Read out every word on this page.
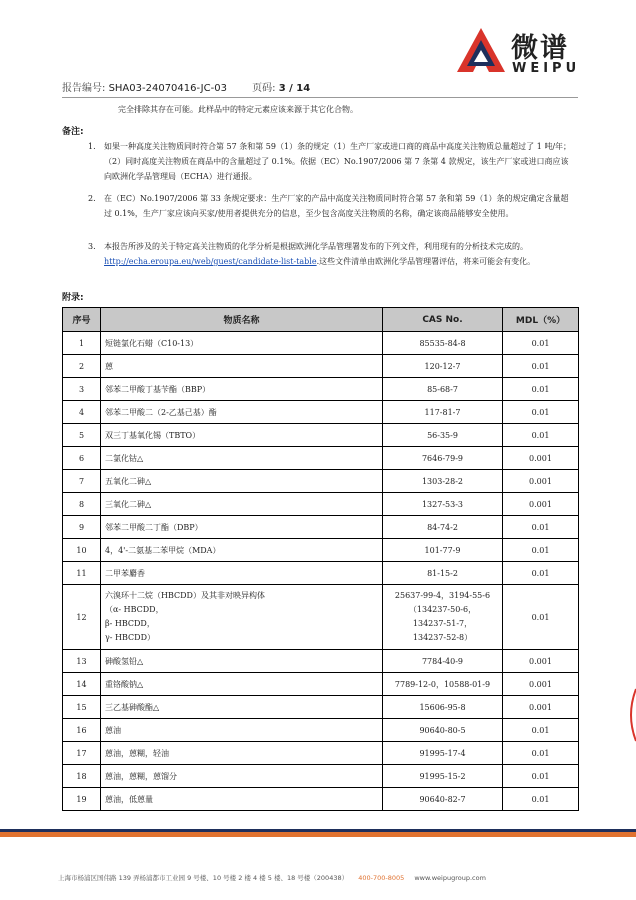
微谱
WEIPU
报告编号: SHA03-24070416-JC-03	页码: 3 / 14
完全排除其存在可能。此样品中的特定元素应该来源于其它化合物。
备注:
1. 如果一种高度关注物质同时符合第 57 条和第 59（1）条的规定（1）生产厂家或进口商的商品中高度关注物质总量超过了 1 吨/年；（2）同时高度关注物质在商品中的含量超过了 0.1%。依据（EC）No.1907/2006 第 7 条第 4 款规定，该生产厂家或进口商应该向欧洲化学品管理局（ECHA）进行通报。
2. 在（EC）No.1907/2006 第 33 条规定要求：生产厂家的产品中高度关注物质同时符合第 57 条和第 59（1）条的规定确定含量超过 0.1%，生产厂家应该向买家/使用者提供充分的信息，至少包含高度关注物质的名称，确定该商品能够安全使用。
3. 本报告所涉及的关于特定高关注物质的化学分析是根据欧洲化学品管理署发布的下列文件，利用现有的分析技术完成的。http://echa.eroupa.eu/web/guest/candidate-list-table.这些文件清单由欧洲化学品管理署评估，将来可能会有变化。
附录:
序号	物质名称	CAS No.	MDL（%）
1	短链氯化石蜡（C10-13）	85535-84-8	0.01
2	蒽	120-12-7	0.01
3	邻苯二甲酸丁基苄酯（BBP）	85-68-7	0.01
4	邻苯二甲酸二（2-乙基己基）酯	117-81-7	0.01
5	双三丁基氧化锡（TBTO）	56-35-9	0.01
6	二氯化钴△	7646-79-9	0.001
7	五氧化二砷△	1303-28-2	0.001
8	三氧化二砷△	1327-53-3	0.001
9	邻苯二甲酸二丁酯（DBP）	84-74-2	0.01
10	4，4'-二氨基二苯甲烷（MDA）	101-77-9	0.01
11	二甲苯麝香	81-15-2	0.01
12	六溴环十二烷（HBCDD）及其非对映异构体
（α- HBCDD，
β- HBCDD，
γ- HBCDD）	25637-99-4，3194-55-6
（134237-50-6，
134237-51-7，
134237-52-8）	0.01
13	砷酸氢铅△	7784-40-9	0.001
14	重铬酸钠△	7789-12-0，10588-01-9	0.001
15	三乙基砷酸酯△	15606-95-8	0.001
16	蒽油	90640-80-5	0.01
17	蒽油，蒽糊，轻油	91995-17-4	0.01
18	蒽油，蒽糊，蒽馏分	91995-15-2	0.01
19	蒽油，低蒽量	90640-82-7	0.01
上海市杨浦区国伟路 139 弄杨浦都市工业园 9 号楼、10 号楼 2 楼 4 楼 5 楼、18 号楼（200438） 400-700-8005 www.weipugroup.com
